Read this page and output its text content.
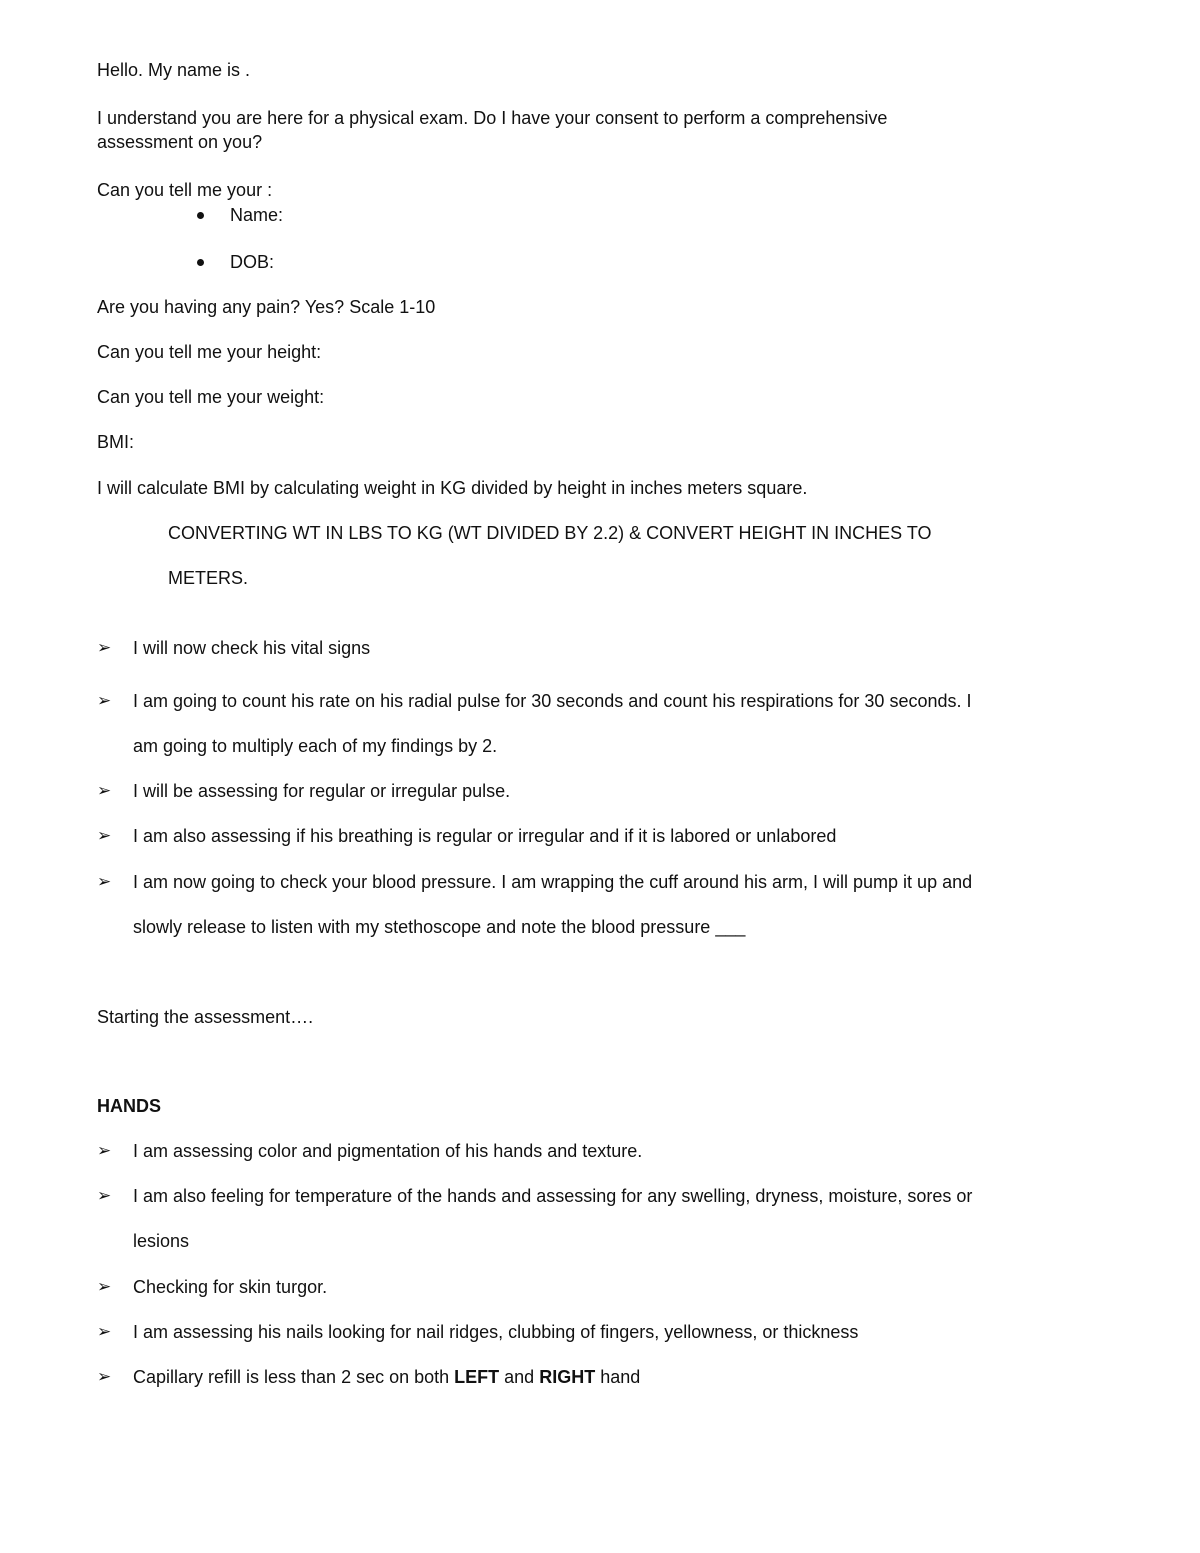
Hello. My name is .
I understand you are here for a physical exam. Do I have your consent to perform a comprehensive
assessment on you?
Can you tell me your :
Name:
DOB:
Are you having any pain? Yes? Scale 1-10
Can you tell me your height:
Can you tell me your weight:
BMI:
I will calculate BMI by calculating weight in KG divided by height in inches meters square.
CONVERTING WT IN LBS TO KG (WT DIVIDED BY 2.2) & CONVERT HEIGHT IN INCHES TO
METERS.
➢ I will now check his vital signs
➢ I am going to count his rate on his radial pulse for 30 seconds and count his respirations for 30 seconds. I
am going to multiply each of my findings by 2.
➢ I will be assessing for regular or irregular pulse.
➢ I am also assessing if his breathing is regular or irregular and if it is labored or unlabored
➢ I am now going to check your blood pressure. I am wrapping the cuff around his arm, I will pump it up and
slowly release to listen with my stethoscope and note the blood pressure ___
Starting the assessment….
HANDS
➢ I am assessing color and pigmentation of his hands and texture.
➢ I am also feeling for temperature of the hands and assessing for any swelling, dryness, moisture, sores or
lesions
➢ Checking for skin turgor.
➢ I am assessing his nails looking for nail ridges, clubbing of fingers, yellowness, or thickness
➢ Capillary refill is less than 2 sec on both LEFT and RIGHT hand
